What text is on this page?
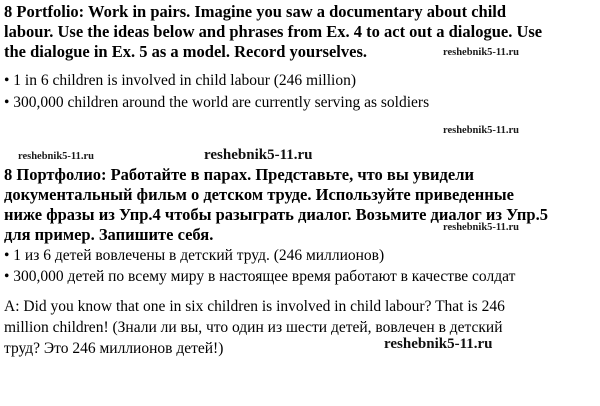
8 Portfolio: Work in pairs. Imagine you saw a documentary about child
labour. Use the ideas below and phrases from Ex. 4 to act out a dialogue. Use
the dialogue in Ex. 5 as a model. Record yourselves.	reshebnik5-11.ru
• 1 in 6 children is involved in child labour (246 million)
• 300,000 children around the world are currently serving as soldiers
reshebnik5-11.ru
reshebnik5-11.ru	reshebnik5-11.ru
8 Портфолио: Работайте в парах. Представьте, что вы увидели
документальный фильм о детском труде. Используйте приведенные
ниже фразы из Упр.4 чтобы разыграть диалог. Возьмите диалог из Упр.5
reshebnik5-11.ru
для пример. Запишите себя.
• 1 из 6 детей вовлечены в детский труд. (246 миллионов)
• 300,000 детей по всему миру в настоящее время работают в качестве солдат
A: Did you know that one in six children is involved in child labour? That is 246
million children! (Знали ли вы, что один из шести детей, вовлечен в детский
труд? Это 246 миллионов детей!)	reshebnik5-11.ru
